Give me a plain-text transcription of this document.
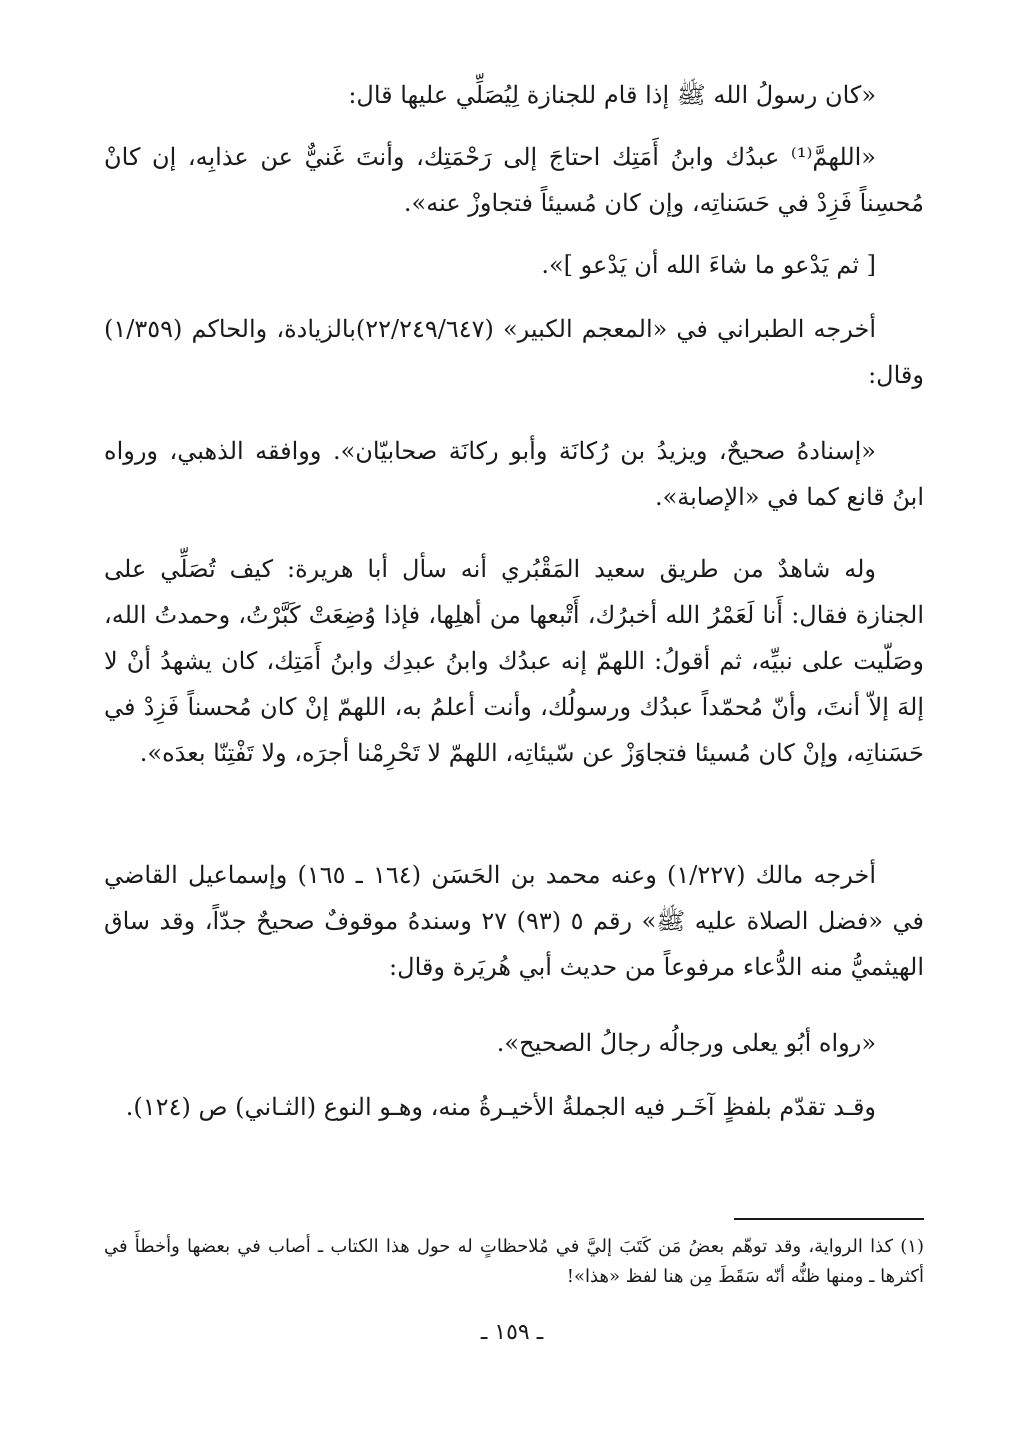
«كان رسولُ الله ﷺ إذا قام للجنازة لِيُصَلِّي عليها قال:

«اللهمَّ⁽¹⁾ عبدُك وابنُ أَمَتِك احتاجَ إلى رَحْمَتِك، وأنتَ غَنيٌّ عن عذابِه، إن كانْ مُحسِناً فَزِدْ في حَسَناتِه، وإن كان مُسيئاً فتجاوزْ عنه».

[ ثم يَدْعو ما شاءَ الله أن يَدْعو ]».

أخرجه الطبراني في «المعجم الكبير» (٢٢/٢٤٩/٦٤٧)بالزيادة، والحاكم (١/٣٥٩) وقال:

«إسنادهُ صحيحٌ، ويزيدُ بن رُكانَة وأبو ركانَة صحابيّان». ووافقه الذهبي، ورواه ابنُ قانع كما في «الإصابة».

وله شاهدٌ من طريق سعيد المَقْبُري أنه سأل أبا هريرة: كيف تُصَلِّي على الجنازة فقال: أَنا لَعَمْرُ الله أخبرُك، أَتْبعها من أهلِها، فإذا وُضِعَتْ كَبَّرْتُ، وحمدتُ الله، وصَلّيت على نبيِّه، ثم أقولُ: اللهمّ إنه عبدُك وابنُ عبدِك وابنُ أَمَتِك، كان يشهدُ أنْ لا إلهَ إلاّ أنتَ، وأنّ مُحمّداً عبدُك ورسولُك، وأنت أعلمُ به، اللهمّ إنْ كان مُحسناً فَزِدْ في حَسَناتِه، وإنْ كان مُسيئا فتجاوَزْ عن سّيئاتِه، اللهمّ لا تَحْرِمْنا أجرَه، ولا تَفْتِنّا بعدَه».

أخرجه مالك (١/٢٢٧) وعنه محمد بن الحَسَن (١٦٤ ـ ١٦٥) وإسماعيل القاضي في «فضل الصلاة عليه ﷺ» رقم ٥ (٩٣) ٢٧ وسندهُ موقوفٌ صحيحٌ جدّاً، وقد ساق الهيثميُّ منه الدُّعاء مرفوعاً من حديث أبي هُريَرة وقال:

«رواه أبُو يعلى ورجالُه رجالُ الصحيح».

وقـد تقدّم بلفظٍ آخَـر فيه الجملةُ الأخيـرةُ منه، وهـو النوع (الثـاني) ص (١٢٤).

(١) كذا الرواية، وقد توهّم بعضُ مَن كَتَبَ إليَّ في مُلاحظاتٍ له حول هذا الكتاب ـ أصاب في بعضها وأخطأَ في أكثرها ـ ومنها ظنُّه أنّه سَقَطَ مِن هنا لفظ «هذا»!

ـ ١٥٩ ـ
